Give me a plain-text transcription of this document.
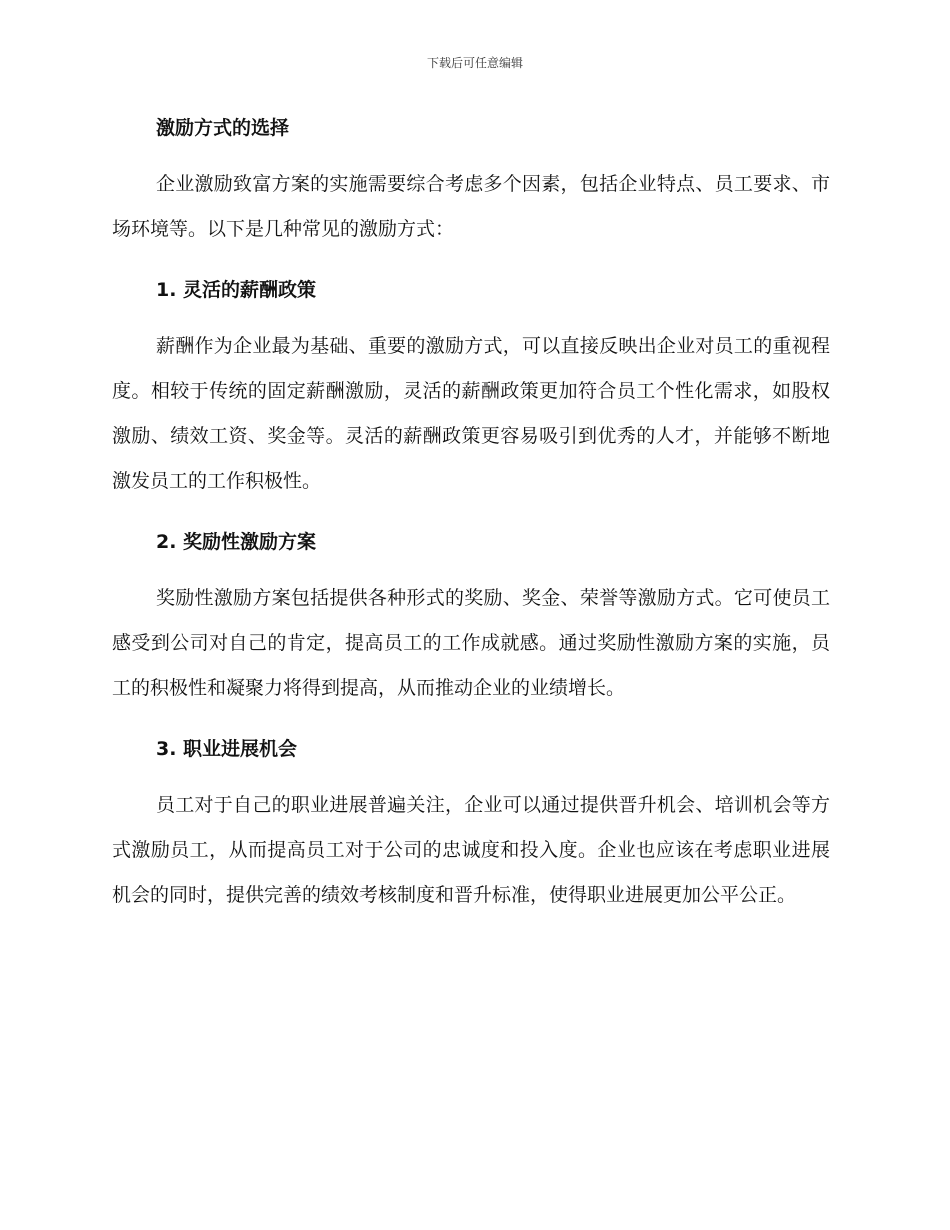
下载后可任意编辑
激励方式的选择

企业激励致富方案的实施需要综合考虑多个因素，包括企业特点、员工要求、市场环境等。以下是几种常见的激励方式：

1. 灵活的薪酬政策

薪酬作为企业最为基础、重要的激励方式，可以直接反映出企业对员工的重视程度。相较于传统的固定薪酬激励，灵活的薪酬政策更加符合员工个性化需求，如股权激励、绩效工资、奖金等。灵活的薪酬政策更容易吸引到优秀的人才，并能够不断地激发员工的工作积极性。

2. 奖励性激励方案

奖励性激励方案包括提供各种形式的奖励、奖金、荣誉等激励方式。它可使员工感受到公司对自己的肯定，提高员工的工作成就感。通过奖励性激励方案的实施，员工的积极性和凝聚力将得到提高，从而推动企业的业绩增长。

3. 职业进展机会

员工对于自己的职业进展普遍关注，企业可以通过提供晋升机会、培训机会等方式激励员工，从而提高员工对于公司的忠诚度和投入度。企业也应该在考虑职业进展机会的同时，提供完善的绩效考核制度和晋升标准，使得职业进展更加公平公正。
